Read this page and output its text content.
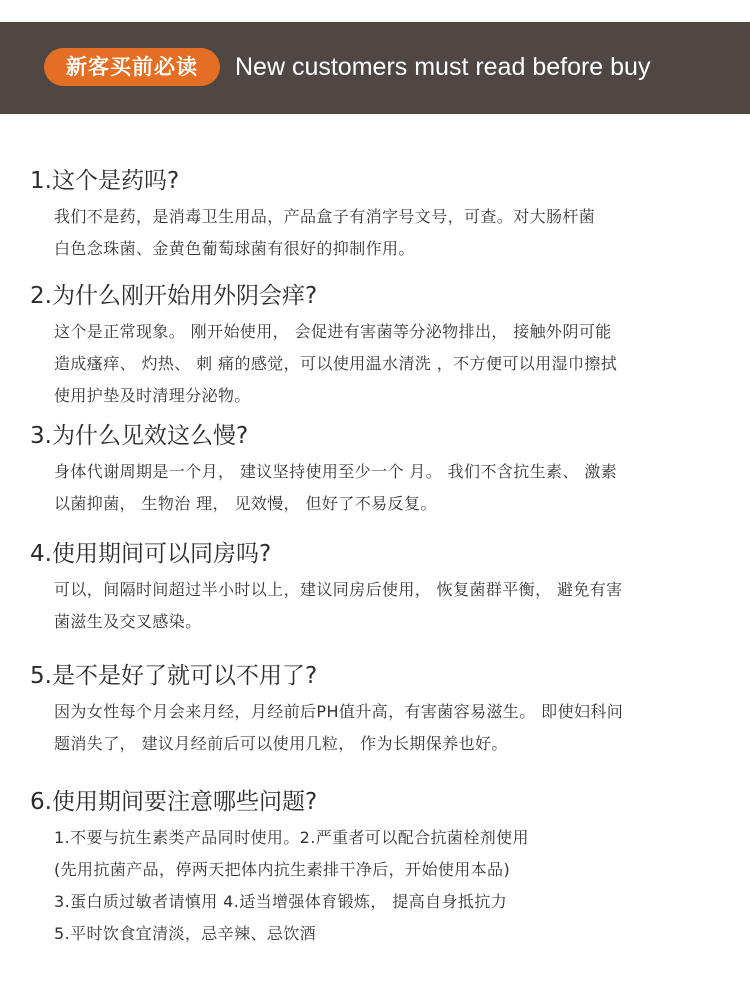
新客买前必读	New customers must read before buy
1.这个是药吗?
我们不是药，是消毒卫生用品，产品盒子有消字号文号，可查。对大肠杆菌
白色念珠菌、金黄色葡萄球菌有很好的抑制作用。
2.为什么刚开始用外阴会痒?
这个是正常现象。 刚开始使用， 会促进有害菌等分泌物排出， 接触外阴可能
造成瘙痒、 灼热、 刺 痛的感觉，可以使用温水清洗 ，不方便可以用湿巾擦拭
使用护垫及时清理分泌物。
3.为什么见效这么慢?
身体代谢周期是一个月， 建议坚持使用至少一个 月。 我们不含抗生素、 激素
以菌抑菌， 生物治 理， 见效慢， 但好了不易反复。
4.使用期间可以同房吗?
可以，间隔时间超过半小时以上，建议同房后使用， 恢复菌群平衡， 避免有害
菌滋生及交叉感染。
5.是不是好了就可以不用了?
因为女性每个月会来月经，月经前后PH值升高，有害菌容易滋生。 即使妇科问
题消失了， 建议月经前后可以使用几粒， 作为长期保养也好。
6.使用期间要注意哪些问题?
1.不要与抗生素类产品同时使用。2.严重者可以配合抗菌栓剂使用
(先用抗菌产品，停两天把体内抗生素排干净后，开始使用本品)
3.蛋白质过敏者请慎用 4.适当增强体育锻炼， 提高自身抵抗力
5.平时饮食宜清淡，忌辛辣、忌饮酒
